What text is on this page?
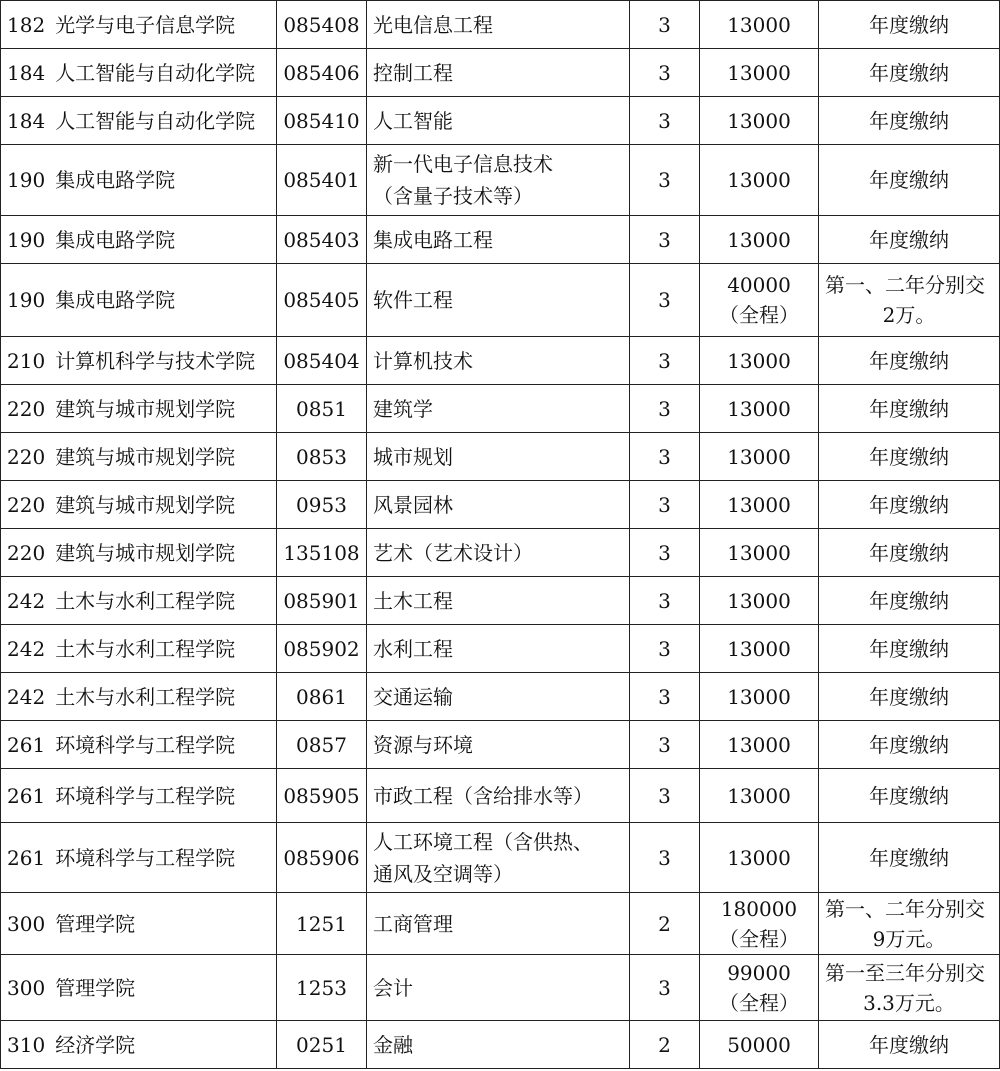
182  光学与电子信息学院	085408	光电信息工程	3	13000	年度缴纳
184  人工智能与自动化学院	085406	控制工程	3	13000	年度缴纳
184  人工智能与自动化学院	085410	人工智能	3	13000	年度缴纳
190  集成电路学院	085401	新一代电子信息技术
（含量子技术等）	3	13000	年度缴纳
190  集成电路学院	085403	集成电路工程	3	13000	年度缴纳
190  集成电路学院	085405	软件工程	3	40000
（全程）	第一、二年分别交
2万。

210  计算机科学与技术学院	085404	计算机技术	3	13000	年度缴纳
220  建筑与城市规划学院	0851	建筑学	3	13000	年度缴纳
220  建筑与城市规划学院	0853	城市规划	3	13000	年度缴纳
220  建筑与城市规划学院	0953	风景园林	3	13000	年度缴纳
220  建筑与城市规划学院	135108	艺术（艺术设计）	3	13000	年度缴纳
242  土木与水利工程学院	085901	土木工程	3	13000	年度缴纳
242  土木与水利工程学院	085902	水利工程	3	13000	年度缴纳
242  土木与水利工程学院	0861	交通运输	3	13000	年度缴纳
261  环境科学与工程学院	0857	资源与环境	3	13000	年度缴纳
261  环境科学与工程学院	085905	市政工程（含给排水等）	3	13000	年度缴纳
261  环境科学与工程学院	085906	人工环境工程（含供热、
通风及空调等）	3	13000	年度缴纳
300  管理学院	1251	工商管理	2	180000
（全程）	第一、二年分别交
9万元。

300  管理学院	1253	会计	3	99000
（全程）	第一至三年分别交
3.3万元。

310  经济学院	0251	金融	2	50000	年度缴纳
